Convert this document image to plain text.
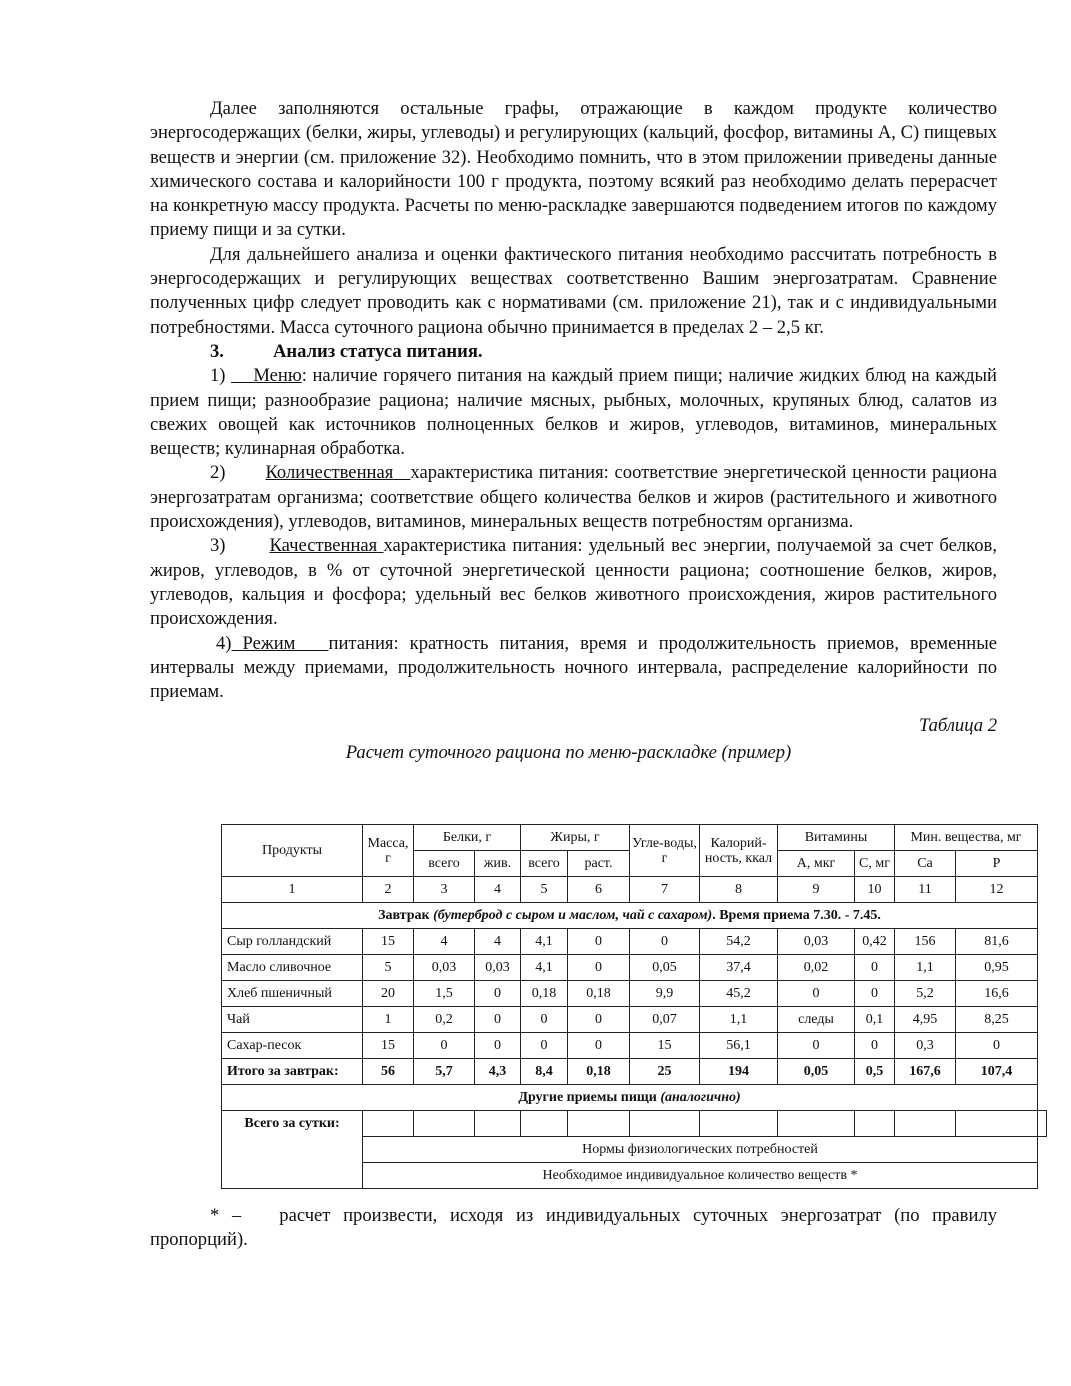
Далее заполняются остальные графы, отражающие в каждом продукте количество энергосодержащих (белки, жиры, углеводы) и регулирующих (кальций, фосфор, витамины А, С) пищевых веществ и энергии (см. приложение 32). Необходимо помнить, что в этом приложении приведены данные химического состава и калорийности 100 г продукта, поэтому всякий раз необходимо делать перерасчет на конкретную массу продукта. Расчеты по меню-раскладке завершаются подведением итогов по каждому приему пищи и за сутки.

Для дальнейшего анализа и оценки фактического питания необходимо рассчитать потребность в энергосодержащих и регулирующих веществах соответственно Вашим энергозатратам. Сравнение полученных цифр следует проводить как с нормативами (см. приложение 21), так и с индивидуальными потребностями. Масса суточного рациона обычно принимается в пределах 2 – 2,5 кг.

3.	Анализ статуса питания.

1) Меню: наличие горячего питания на каждый прием пищи; наличие жидких блюд на каждый прием пищи; разнообразие рациона; наличие мясных, рыбных, молочных, крупяных блюд, салатов из свежих овощей как источников полноценных белков и жиров, углеводов, витаминов, минеральных веществ; кулинарная обработка.

2) Количественная характеристика питания: соответствие энергетической ценности рациона энергозатратам организма; соответствие общего количества белков и жиров (растительного и животного происхождения), углеводов, витаминов, минеральных веществ потребностям организма.

3) Качественная характеристика питания: удельный вес энергии, получаемой за счет белков, жиров, углеводов, в % от суточной энергетической ценности рациона; соотношение белков, жиров, углеводов, кальция и фосфора; удельный вес белков животного происхождения, жиров растительного происхождения.

4) Режим питания: кратность питания, время и продолжительность приемов, временные интервалы между приемами, продолжительность ночного интервала, распределение калорийности по приемам.

Таблица 2

Расчет суточного рациона по меню-раскладке (пример)

Продукты	Масса, г	Белки, г		Жиры, г		Угле-воды, г	Калорий-ность, ккал	Витамины		Мин. вещества, мг		
		всего	жив.	всего	раст.			А, мкг	С, мг	Са	Р	
1	2	3	4	5	6	7	8	9	10	11	12	
Завтрак (бутерброд с сыром и маслом, чай с сахаром). Время приема 7.30. - 7.45.												
Сыр голландский	15	4	4	4,1	0	0	54,2	0,03	0,42	156	81,6	
Масло сливочное	5	0,03	0,03	4,1	0	0,05	37,4	0,02	0	1,1	0,95	
Хлеб пшеничный	20	1,5	0	0,18	0,18	9,9	45,2	0	0	5,2	16,6	
Чай	1	0,2	0	0	0	0,07	1,1	следы	0,1	4,95	8,25	
Сахар-песок	15	0	0	0	0	15	56,1	0	0	0,3	0	
Итого за завтрак:	56	5,7	4,3	8,4	0,18	25	194	0,05	0,5	167,6	107,4	
Другие приемы пищи (аналогично)												
Всего за сутки:												
	Нормы физиологических потребностей											
	Необходимое индивидуальное количество веществ *											

* – расчет произвести, исходя из индивидуальных суточных энергозатрат (по правилу пропорций).
